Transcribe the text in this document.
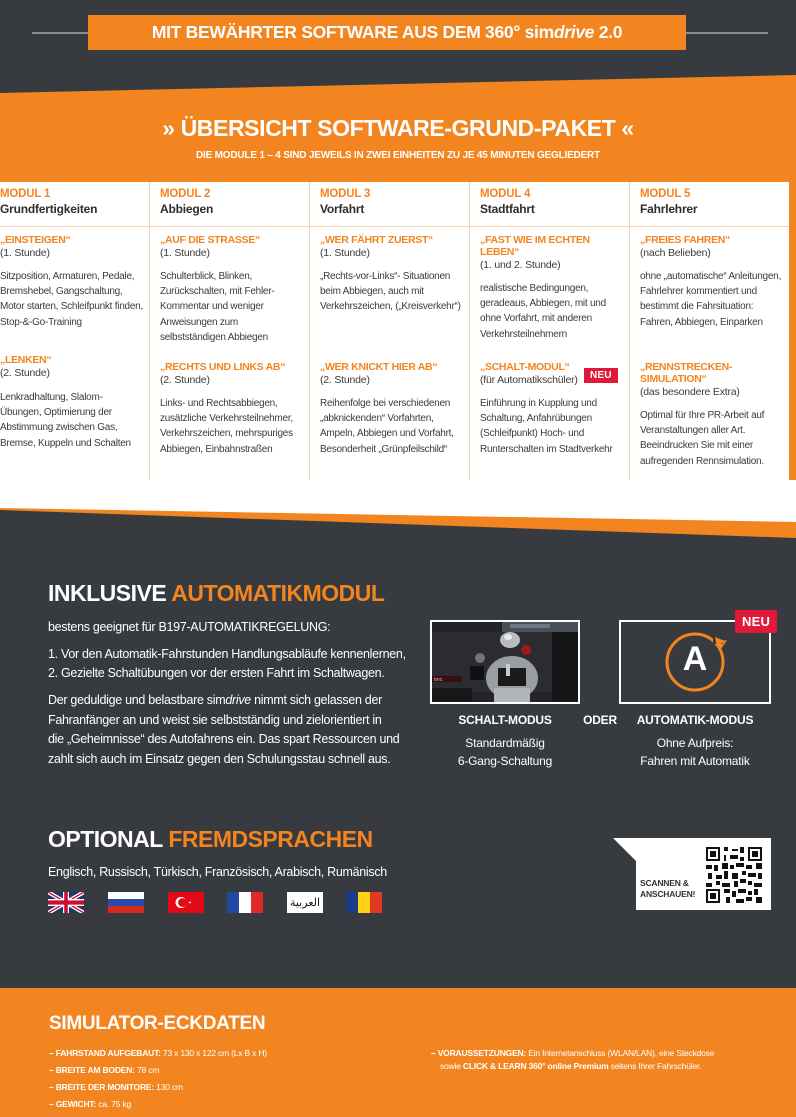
MIT BEWÄHRTER SOFTWARE AUS DEM 360° simdrive 2.0
» ÜBERSICHT SOFTWARE-GRUND-PAKET «
DIE MODULE 1 – 4 SIND JEWEILS IN ZWEI EINHEITEN ZU JE 45 MINUTEN GEGLIEDERT
MODUL 1
Grundfertigkeiten
„EINSTEIGEN“
(1. Stunde)
Sitzposition, Armaturen, Pedale, Bremshebel, Gangschaltung, Motor starten, Schleifpunkt finden, Stop-&-Go-Training
„LENKEN“
(2. Stunde)
Lenkradhaltung, Slalom-Übungen, Optimierung der Abstimmung zwischen Gas, Bremse, Kuppeln und Schalten
MODUL 2
Abbiegen
„AUF DIE STRASSE“
(1. Stunde)
Schulterblick, Blinken, Zurückschalten, mit Fehler-Kommentar und weniger Anweisungen zum selbstständigen Abbiegen
„RECHTS UND LINKS AB“
(2. Stunde)
Links- und Rechtsabbiegen, zusätzliche Verkehrsteilnehmer, Verkehrszeichen, mehrspuriges Abbiegen, Einbahnstraßen
MODUL 3
Vorfahrt
„WER FÄHRT ZUERST“
(1. Stunde)
„Rechts-vor-Links“- Situationen beim Abbiegen, auch mit Verkehrszeichen, („Kreisverkehr“)
„WER KNICKT HIER AB“
(2. Stunde)
Reihenfolge bei verschiedenen „abknickenden“ Vorfahrten, Ampeln, Abbiegen und Vorfahrt, Besonderheit „Grünpfeilschild“
MODUL 4
Stadtfahrt
„FAST WIE IM ECHTEN LEBEN“
(1. und 2. Stunde)
realistische Bedingungen, geradeaus, Abbiegen, mit und ohne Vorfahrt, mit anderen Verkehrsteilnehmern
„SCHALT-MODUL“
(für Automatikschüler)
Einführung in Kupplung und Schaltung, Anfahrübungen (Schleifpunkt) Hoch- und Runterschalten im Stadtverkehr
NEU
MODUL 5
Fahrlehrer
„FREIES FAHREN“
(nach Belieben)
ohne „automatische“ Anleitungen, Fahrlehrer kommentiert und bestimmt die Fahrsituation: Fahren, Abbiegen, Einparken
„RENNSTRECKEN-SIMULATION“
(das besondere Extra)
Optimal für Ihre PR-Arbeit auf Veranstaltungen aller Art. Beeindrucken Sie mit einer aufregenden Rennsimulation.
INKLUSIVE AUTOMATIKMODUL
bestens geeignet für B197-AUTOMATIKREGELUNG:
1. Vor den Automatik-Fahrstunden Handlungsabläufe kennenlernen,
2. Gezielte Schaltübungen vor der ersten Fahrt im Schaltwagen.
Der geduldige und belastbare simdrive nimmt sich gelassen der Fahranfänger an und weist sie selbstständig und zielorientiert in die „Geheimnisse“ des Autofahrens ein. Das spart Ressourcen und zahlt sich auch im Einsatz gegen den Schulungsstau schnell aus.
trec
A
NEU
SCHALT-MODUS	ODER	AUTOMATIK-MODUS
Standardmäßig
6-Gang-Schaltung
Ohne Aufpreis:
Fahren mit Automatik
OPTIONAL FREMDSPRACHEN
Englisch, Russisch, Türkisch, Französisch, Arabisch, Rumänisch
العربية
SCANNEN &
ANSCHAUEN!
SIMULATOR-ECKDATEN
– FAHRSTAND AUFGEBAUT: 73 x 130 x 122 cm (Lx B x H)
– BREITE AM BODEN: 78 cm
– BREITE DER MONITORE: 130 cm
– GEWICHT: ca. 75 kg
– VORAUSSETZUNGEN: Ein Internetanschluss (WLAN/LAN), eine Steckdose
sowie CLICK & LEARN 360° online Premium seitens Ihrer Fahrschüler.
